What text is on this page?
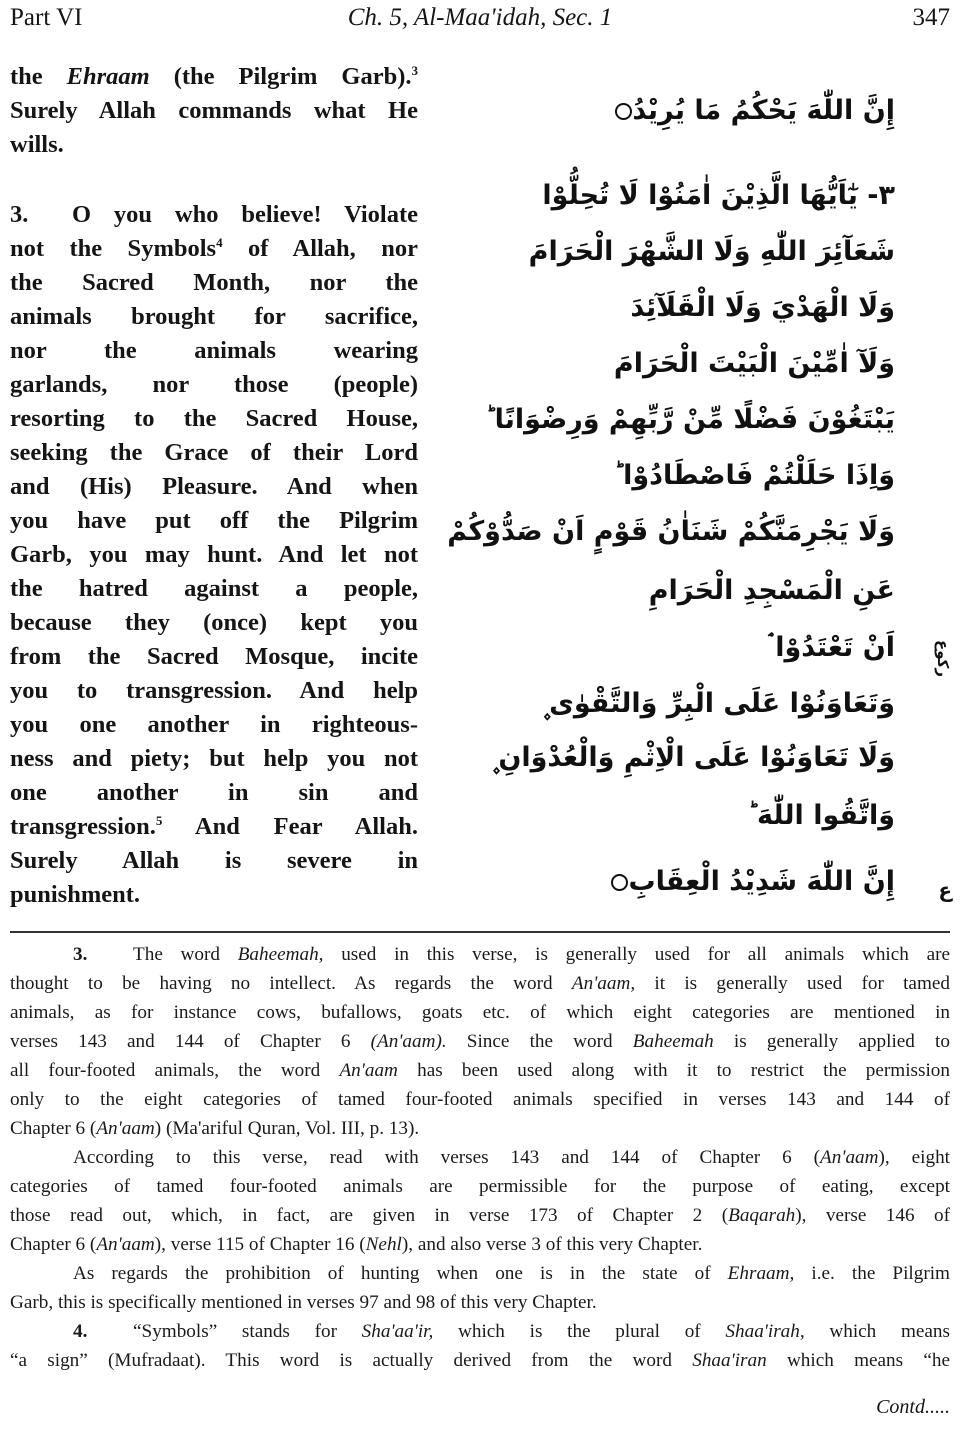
Part VI	Ch. 5, Al-Maa'idah, Sec. 1	347
the Ehraam (the Pilgrim Garb).$^3$
Surely Allah commands what He
wills.
3. O you who believe! Violate
not the Symbols$^4$ of Allah, nor
the Sacred Month, nor the
animals brought for sacrifice,
nor the animals wearing
garlands, nor those (people)
resorting to the Sacred House,
seeking the Grace of their Lord
and (His) Pleasure. And when
you have put off the Pilgrim
Garb, you may hunt. And let not
the hatred against a people,
because they (once) kept you
from the Sacred Mosque, incite
you to transgression. And help
you one another in righteous-
ness and piety; but help you not
one another in sin and
transgression.$^5$ And Fear Allah.
Surely Allah is severe in
punishment.
إِنَّ اللّٰهَ يَحْكُمُ مَا يُرِيْدُ
٣- يٰٓاَيُّهَا الَّذِيْنَ اٰمَنُوْا لَا تُحِلُّوْا
شَعَآئِرَ اللّٰهِ وَلَا الشَّهْرَ الْحَرَامَ
وَلَا الْهَدْيَ وَلَا الْقَلَآئِدَ
وَلَآ اٰمِّيْنَ الْبَيْتَ الْحَرَامَ
يَبْتَغُوْنَ فَضْلًا مِّنْ رَّبِّهِمْ وَرِضْوَانًا ؕ
وَاِذَا حَلَلْتُمْ فَاصْطَادُوْا ؕ
وَلَا يَجْرِمَنَّكُمْ شَنَاٰنُ قَوْمٍ اَنْ صَدُّوْكُمْ
عَنِ الْمَسْجِدِ الْحَرَامِ
اَنْ تَعْتَدُوْا ۘ
وَتَعَاوَنُوْا عَلَى الْبِرِّ وَالتَّقْوٰى ۪
وَلَا تَعَاوَنُوْا عَلَى الْاِثْمِ وَالْعُدْوَانِ ۪
وَاتَّقُوا اللّٰهَ ؕ
إِنَّ اللّٰهَ شَدِيْدُ الْعِقَابِ
ركوع
ع
3. The word Baheemah, used in this verse, is generally used for all animals which are
thought to be having no intellect. As regards the word An'aam, it is generally used for tamed
animals, as for instance cows, bufallows, goats etc. of which eight categories are mentioned in
verses 143 and 144 of Chapter 6 (An'aam). Since the word Baheemah is generally applied to
all four-footed animals, the word An'aam has been used along with it to restrict the permission
only to the eight categories of tamed four-footed animals specified in verses 143 and 144 of
Chapter 6 (An'aam) (Ma'ariful Quran, Vol. III, p. 13).
According to this verse, read with verses 143 and 144 of Chapter 6 (An'aam), eight
categories of tamed four-footed animals are permissible for the purpose of eating, except
those read out, which, in fact, are given in verse 173 of Chapter 2 (Baqarah), verse 146 of
Chapter 6 (An'aam), verse 115 of Chapter 16 (Nehl), and also verse 3 of this very Chapter.
As regards the prohibition of hunting when one is in the state of Ehraam, i.e. the Pilgrim
Garb, this is specifically mentioned in verses 97 and 98 of this very Chapter.
4. “Symbols” stands for Sha'aa'ir, which is the plural of Shaa'irah, which means
“a sign” (Mufradaat). This word is actually derived from the word Shaa'iran which means “he
Contd.....
